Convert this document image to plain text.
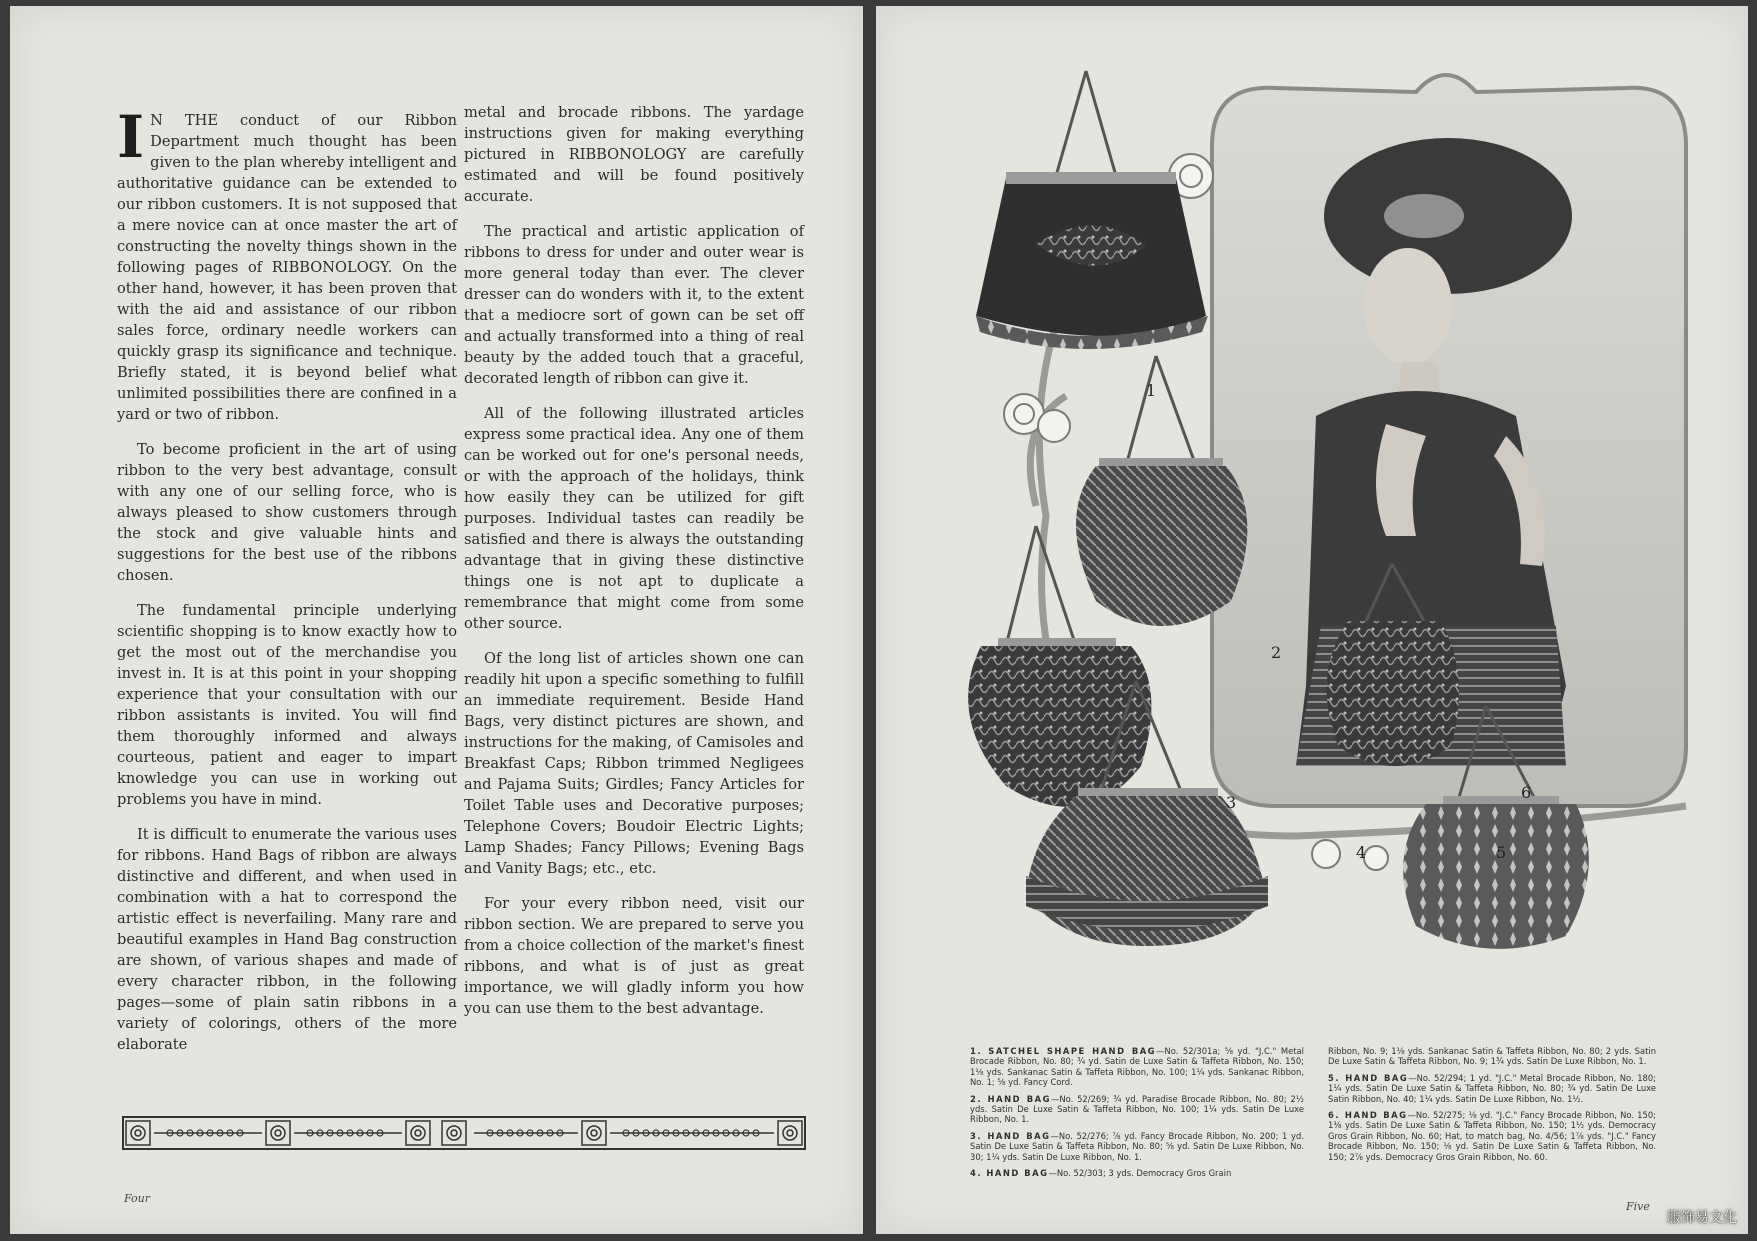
I N THE conduct of our Ribbon Department much thought has been given to the plan whereby intelligent and authoritative guidance can be extended to our ribbon customers. It is not supposed that a mere novice can at once master the art of constructing the novelty things shown in the following pages of RIBBONOLOGY. On the other hand, however, it has been proven that with the aid and assistance of our ribbon sales force, ordinary needle workers can quickly grasp its significance and technique. Briefly stated, it is beyond belief what unlimited possibilities there are confined in a yard or two of ribbon.

To become proficient in the art of using ribbon to the very best advantage, consult with any one of our selling force, who is always pleased to show customers through the stock and give valuable hints and suggestions for the best use of the ribbons chosen.

The fundamental principle underlying scientific shopping is to know exactly how to get the most out of the merchandise you invest in. It is at this point in your shopping experience that your consultation with our ribbon assistants is invited. You will find them thoroughly informed and always courteous, patient and eager to impart knowledge you can use in working out problems you have in mind.

It is difficult to enumerate the various uses for ribbons. Hand Bags of ribbon are always distinctive and different, and when used in combination with a hat to correspond the artistic effect is neverfailing. Many rare and beautiful examples in Hand Bag construction are shown, of various shapes and made of every character ribbon, in the following pages—some of plain satin ribbons in a variety of colorings, others of the more elaborate

metal and brocade ribbons. The yardage instructions given for making everything pictured in RIBBONOLOGY are carefully estimated and will be found positively accurate.

The practical and artistic application of ribbons to dress for under and outer wear is more general today than ever. The clever dresser can do wonders with it, to the extent that a mediocre sort of gown can be set off and actually transformed into a thing of real beauty by the added touch that a graceful, decorated length of ribbon can give it.

All of the following illustrated articles express some practical idea. Any one of them can be worked out for one's personal needs, or with the approach of the holidays, think how easily they can be utilized for gift purposes. Individual tastes can readily be satisfied and there is always the outstanding advantage that in giving these distinctive things one is not apt to duplicate a remembrance that might come from some other source.

Of the long list of articles shown one can readily hit upon a specific something to fulfill an immediate requirement. Beside Hand Bags, very distinct pictures are shown, and instructions for the making, of Camisoles and Breakfast Caps; Ribbon trimmed Negligees and Pajama Suits; Girdles; Fancy Articles for Toilet Table uses and Decorative purposes; Telephone Covers; Boudoir Electric Lights; Lamp Shades; Fancy Pillows; Evening Bags and Vanity Bags; etc., etc.

For your every ribbon need, visit our ribbon section. We are prepared to serve you from a choice collection of the market's finest ribbons, and what is of just as great importance, we will gladly inform you how you can use them to the best advantage.

Four
1
2
3
4	5
6

1. SATCHEL SHAPE HAND BAG—No. 52/301a; ⅝ yd. "J.C." Metal Brocade Ribbon, No. 80; ¾ yd. Satin de Luxe Satin & Taffeta Ribbon, No. 150; 1⅛ yds. Sankanac Satin & Taffeta Ribbon, No. 100; 1¼ yds. Sankanac Ribbon, No. 1; ⅝ yd. Fancy Cord.

2. HAND BAG—No. 52/269; ¾ yd. Paradise Brocade Ribbon, No. 80; 2½ yds. Satin De Luxe Satin & Taffeta Ribbon, No. 100; 1¼ yds. Satin De Luxe Ribbon, No. 1.

3. HAND BAG—No. 52/276; ⅞ yd. Fancy Brocade Ribbon, No. 200; 1 yd. Satin De Luxe Satin & Taffeta Ribbon, No. 80; ⅝ yd. Satin De Luxe Ribbon, No. 30; 1¼ yds. Satin De Luxe Ribbon, No. 1.

4. HAND BAG—No. 52/303; 3 yds. Democracy Gros Grain

Ribbon, No. 9; 1⅛ yds. Sankanac Satin & Taffeta Ribbon, No. 80; 2 yds. Satin De Luxe Satin & Taffeta Ribbon, No. 9; 1¾ yds. Satin De Luxe Ribbon, No. 1.

5. HAND BAG—No. 52/294; 1 yd. "J.C." Metal Brocade Ribbon, No. 180; 1¼ yds. Satin De Luxe Satin & Taffeta Ribbon, No. 80; ¾ yd. Satin De Luxe Satin Ribbon, No. 40; 1¼ yds. Satin De Luxe Ribbon, No. 1½.

6. HAND BAG—No. 52/275; ⅛ yd. "J.C." Fancy Brocade Ribbon, No. 150; 1⅜ yds. Satin De Luxe Satin & Taffeta Ribbon, No. 150; 1½ yds. Democracy Gros Grain Ribbon, No. 60; Hat, to match bag, No. 4/56; 1⅞ yds. "J.C." Fancy Brocade Ribbon, No. 150; ⅛ yd. Satin De Luxe Satin & Taffeta Ribbon, No. 150; 2⅞ yds. Democracy Gros Grain Ribbon, No. 60.

Five
服饰易文化
